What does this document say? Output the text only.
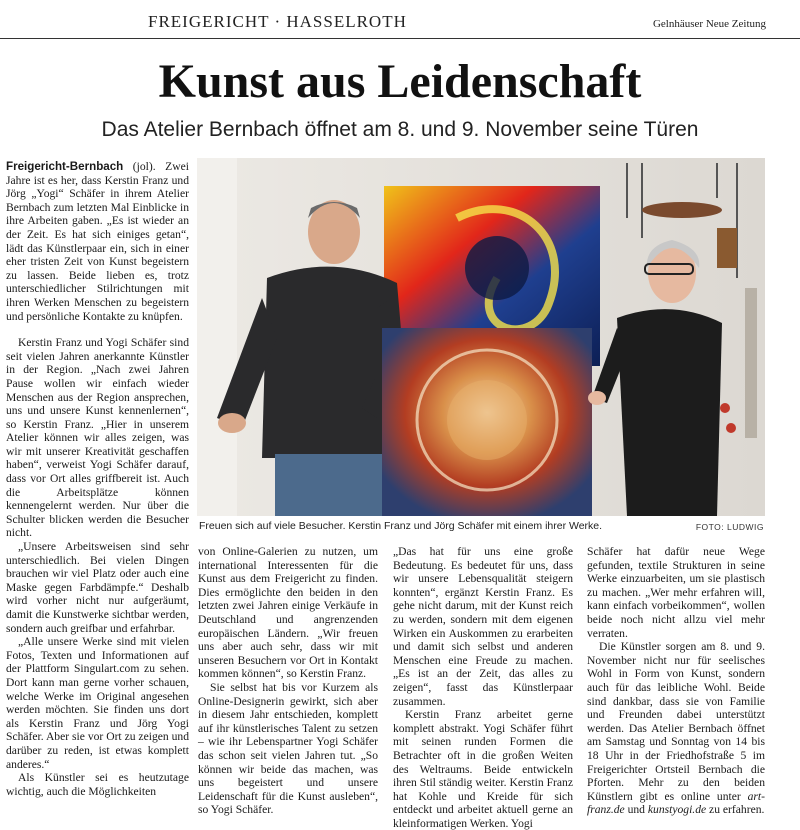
FREIGERICHT · HASSELROTH	Gelnhäuser Neue Zeitung
Kunst aus Leidenschaft
Das Atelier Bernbach öffnet am 8. und 9. November seine Türen

Freigericht-Bernbach (jol). Zwei Jahre ist es her, dass Kerstin Franz und Jörg „Yogi“ Schäfer in ihrem Atelier Bernbach zum letzten Mal Einblicke in ihre Arbeiten gaben. „Es ist wieder an der Zeit. Es hat sich einiges getan“, lädt das Künstlerpaar ein, sich in einer eher tristen Zeit von Kunst begeistern zu lassen. Beide lieben es, trotz unterschiedlicher Stilrichtungen mit ihren Werken Menschen zu begeistern und persönliche Kontakte zu knüpfen.

Kerstin Franz und Yogi Schäfer sind seit vielen Jahren anerkannte Künstler in der Region. „Nach zwei Jahren Pause wollen wir einfach wieder Menschen aus der Region ansprechen, uns und unsere Kunst kennenlernen“, so Kerstin Franz. „Hier in unserem Atelier können wir alles zeigen, was wir mit unserer Kreativität geschaffen haben“, verweist Yogi Schäfer darauf, dass vor Ort alles griffbereit ist. Auch die Arbeitsplätze können kennengelernt werden. Nur über die Schulter blicken werden die Besucher nicht.

„Unsere Arbeitsweisen sind sehr unterschiedlich. Bei vielen Dingen brauchen wir viel Platz oder auch eine Maske gegen Farbdämpfe.“ Deshalb wird vorher nicht nur aufgeräumt, damit die Kunstwerke sichtbar werden, sondern auch greifbar und erfahrbar.

„Alle unsere Werke sind mit vielen Fotos, Texten und Informationen auf der Plattform Singulart.com zu sehen. Dort kann man gerne vorher schauen, welche Werke im Original angesehen werden möchten. Sie finden uns dort als Kerstin Franz und Jörg Yogi Schäfer. Aber sie vor Ort zu zeigen und darüber zu reden, ist etwas komplett anderes.“

Als Künstler sei es heutzutage wichtig, auch die Möglichkeiten

Freuen sich auf viele Besucher. Kerstin Franz und Jörg Schäfer mit einem ihrer Werke.	FOTO: LUDWIG

von Online-Galerien zu nutzen, um international Interessenten für die Kunst aus dem Freigericht zu finden. Dies ermöglichte den beiden in den letzten zwei Jahren einige Verkäufe in Deutschland und angrenzenden europäischen Ländern. „Wir freuen uns aber auch sehr, dass wir mit unseren Besuchern vor Ort in Kontakt kommen können“, so Kerstin Franz.

Sie selbst hat bis vor Kurzem als Online-Designerin gewirkt, sich aber in diesem Jahr entschieden, komplett auf ihr künstlerisches Talent zu setzen – wie ihr Lebenspartner Yogi Schäfer das schon seit vielen Jahren tut. „So können wir beide das machen, was uns begeistert und unsere Leidenschaft für die Kunst ausleben“, so Yogi Schäfer.

„Das hat für uns eine große Bedeutung. Es bedeutet für uns, dass wir unsere Lebensqualität steigern konnten“, ergänzt Kerstin Franz. Es gehe nicht darum, mit der Kunst reich zu werden, sondern mit dem eigenen Wirken ein Auskommen zu erarbeiten und damit sich selbst und anderen Menschen eine Freude zu machen. „Es ist an der Zeit, das alles zu zeigen“, fasst das Künstlerpaar zusammen.

Kerstin Franz arbeitet gerne komplett abstrakt. Yogi Schäfer führt mit seinen runden Formen die Betrachter oft in die großen Weiten des Weltraums. Beide entwickeln ihren Stil ständig weiter. Kerstin Franz hat Kohle und Kreide für sich entdeckt und arbeitet aktuell gerne an kleinformatigen Werken. Yogi

Schäfer hat dafür neue Wege gefunden, textile Strukturen in seine Werke einzuarbeiten, um sie plastisch zu machen. „Wer mehr erfahren will, kann einfach vorbeikommen“, wollen beide noch nicht allzu viel mehr verraten.

Die Künstler sorgen am 8. und 9. November nicht nur für seelisches Wohl in Form von Kunst, sondern auch für das leibliche Wohl. Beide sind dankbar, dass sie von Familie und Freunden dabei unterstützt werden. Das Atelier Bernbach öffnet am Samstag und Sonntag von 14 bis 18 Uhr in der Friedhofstraße 5 im Freigerichter Ortsteil Bernbach die Pforten. Mehr zu den beiden Künstlern gibt es online unter art-franz.de und kunstyogi.de zu erfahren.
